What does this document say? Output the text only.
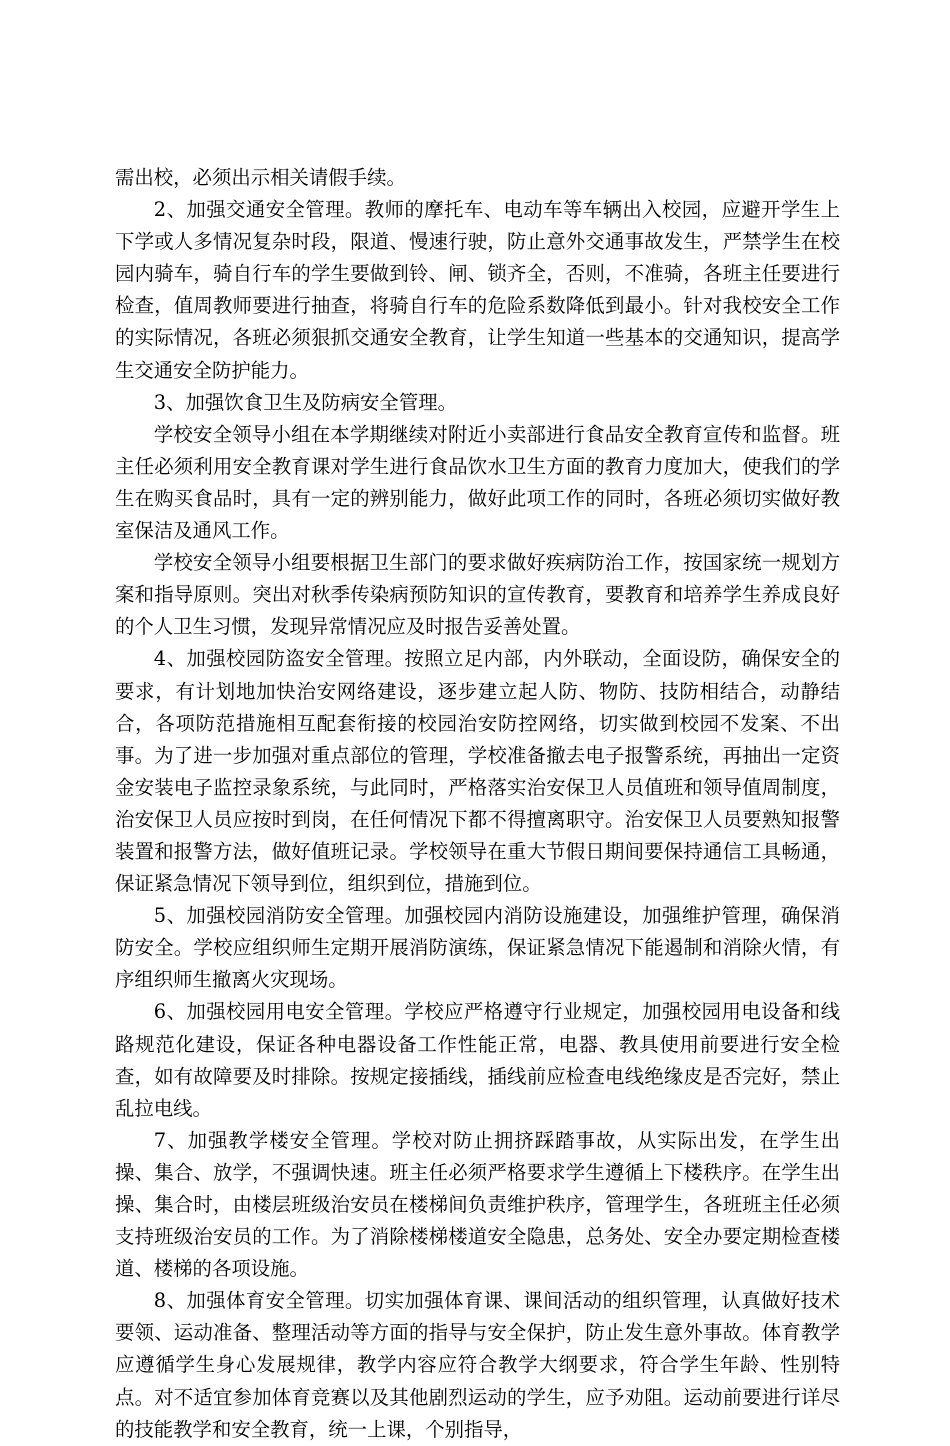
需出校，必须出示相关请假手续。

2、加强交通安全管理。教师的摩托车、电动车等车辆出入校园，应避开学生上下学或人多情况复杂时段，限道、慢速行驶，防止意外交通事故发生，严禁学生在校园内骑车，骑自行车的学生要做到铃、闸、锁齐全，否则，不准骑，各班主任要进行检查，值周教师要进行抽查，将骑自行车的危险系数降低到最小。针对我校安全工作的实际情况，各班必须狠抓交通安全教育，让学生知道一些基本的交通知识，提高学生交通安全防护能力。

3、加强饮食卫生及防病安全管理。

学校安全领导小组在本学期继续对附近小卖部进行食品安全教育宣传和监督。班主任必须利用安全教育课对学生进行食品饮水卫生方面的教育力度加大，使我们的学生在购买食品时，具有一定的辨别能力，做好此项工作的同时，各班必须切实做好教室保洁及通风工作。

学校安全领导小组要根据卫生部门的要求做好疾病防治工作，按国家统一规划方案和指导原则。突出对秋季传染病预防知识的宣传教育，要教育和培养学生养成良好的个人卫生习惯，发现异常情况应及时报告妥善处置。

4、加强校园防盗安全管理。按照立足内部，内外联动，全面设防，确保安全的要求，有计划地加快治安网络建设，逐步建立起人防、物防、技防相结合，动静结合，各项防范措施相互配套衔接的校园治安防控网络，切实做到校园不发案、不出事。为了进一步加强对重点部位的管理，学校准备撤去电子报警系统，再抽出一定资金安装电子监控录象系统，与此同时，严格落实治安保卫人员值班和领导值周制度，治安保卫人员应按时到岗，在任何情况下都不得擅离职守。治安保卫人员要熟知报警装置和报警方法，做好值班记录。学校领导在重大节假日期间要保持通信工具畅通，保证紧急情况下领导到位，组织到位，措施到位。

5、加强校园消防安全管理。加强校园内消防设施建设，加强维护管理，确保消防安全。学校应组织师生定期开展消防演练，保证紧急情况下能遏制和消除火情，有序组织师生撤离火灾现场。

6、加强校园用电安全管理。学校应严格遵守行业规定，加强校园用电设备和线路规范化建设，保证各种电器设备工作性能正常，电器、教具使用前要进行安全检查，如有故障要及时排除。按规定接插线，插线前应检查电线绝缘皮是否完好，禁止乱拉电线。

7、加强教学楼安全管理。学校对防止拥挤踩踏事故，从实际出发，在学生出操、集合、放学，不强调快速。班主任必须严格要求学生遵循上下楼秩序。在学生出操、集合时，由楼层班级治安员在楼梯间负责维护秩序，管理学生，各班班主任必须支持班级治安员的工作。为了消除楼梯楼道安全隐患，总务处、安全办要定期检查楼道、楼梯的各项设施。

8、加强体育安全管理。切实加强体育课、课间活动的组织管理，认真做好技术要领、运动准备、整理活动等方面的指导与安全保护，防止发生意外事故。体育教学应遵循学生身心发展规律，教学内容应符合教学大纲要求，符合学生年龄、性别特点。对不适宜参加体育竞赛以及其他剧烈运动的学生，应予劝阻。运动前要进行详尽的技能教学和安全教育，统一上课，个别指导，
